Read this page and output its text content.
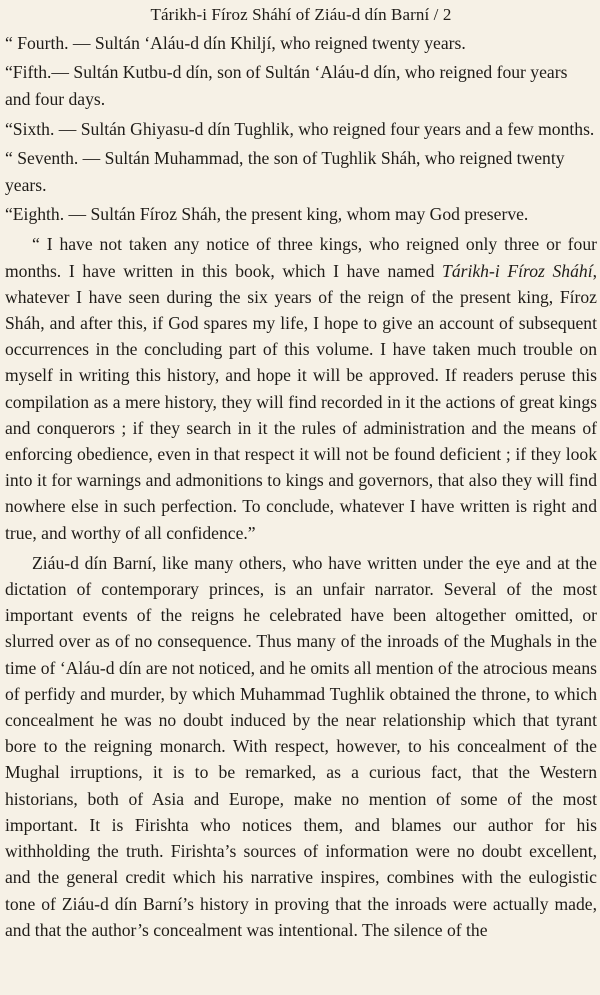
Tárikh-i Fíroz Sháhí of Ziáu-d dín Barní / 2

“ Fourth. — Sultán ‘Aláu-d dín Khiljí, who reigned twenty years.

“Fifth.— Sultán Kutbu-d dín, son of Sultán ‘Aláu-d dín, who reigned four years and four days.

“Sixth. — Sultán Ghiyasu-d dín Tughlik, who reigned four years and a few months.

“ Seventh. — Sultán Muhammad, the son of Tughlik Sháh, who reigned twenty years.

“Eighth. — Sultán Fíroz Sháh, the present king, whom may God preserve.

“ I have not taken any notice of three kings, who reigned only three or four months. I have written in this book, which I have named Tárikh-i Fíroz Sháhí, whatever I have seen during the six years of the reign of the present king, Fíroz Sháh, and after this, if God spares my life, I hope to give an account of subsequent occurrences in the concluding part of this volume. I have taken much trouble on myself in writing this history, and hope it will be approved. If readers peruse this compilation as a mere history, they will find recorded in it the actions of great kings and conquerors ; if they search in it the rules of administration and the means of enforcing obedience, even in that respect it will not be found deficient ; if they look into it for warnings and admonitions to kings and governors, that also they will find nowhere else in such perfection. To conclude, whatever I have written is right and true, and worthy of all confidence.”

Ziáu-d dín Barní, like many others, who have written under the eye and at the dictation of contemporary princes, is an unfair narrator. Several of the most important events of the reigns he celebrated have been altogether omitted, or slurred over as of no consequence. Thus many of the inroads of the Mughals in the time of ‘Aláu-d dín are not noticed, and he omits all mention of the atrocious means of perfidy and murder, by which Muhammad Tughlik obtained the throne, to which concealment he was no doubt induced by the near relationship which that tyrant bore to the reigning monarch. With respect, however, to his concealment of the Mughal irruptions, it is to be remarked, as a curious fact, that the Western historians, both of Asia and Europe, make no mention of some of the most important. It is Firishta who notices them, and blames our author for his withholding the truth. Firishta’s sources of information were no doubt excellent, and the general credit which his narrative inspires, combines with the eulogistic tone of Ziáu-d dín Barní’s history in proving that the inroads were actually made, and that the author’s concealment was intentional. The silence of the
